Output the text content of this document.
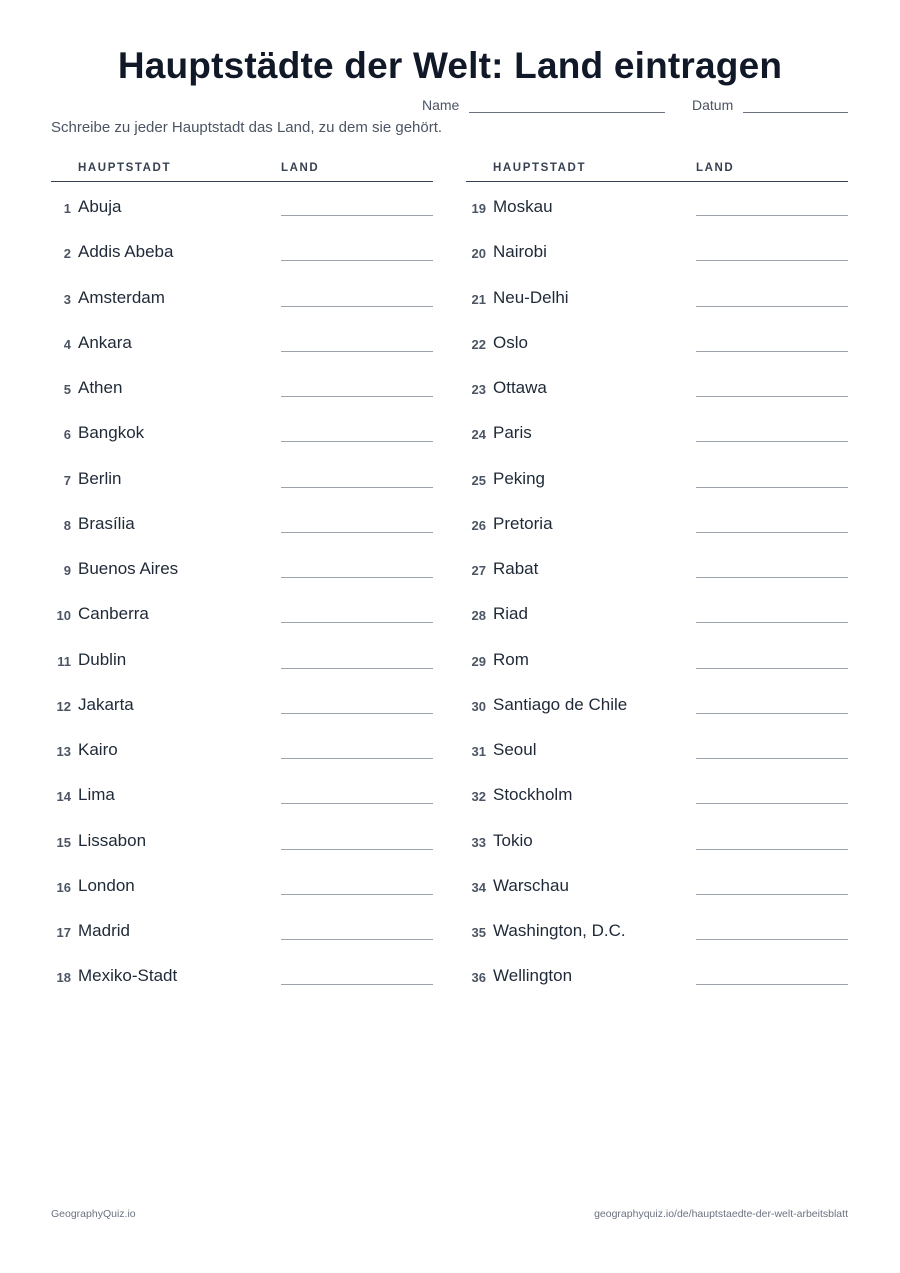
Hauptstädte der Welt: Land eintragen
Name	Datum
Schreibe zu jeder Hauptstadt das Land, zu dem sie gehört.
HAUPTSTADT	LAND
1 Abuja
2 Addis Abeba
3 Amsterdam
4 Ankara
5 Athen
6 Bangkok
7 Berlin
8 Brasília
9 Buenos Aires
10 Canberra
11 Dublin
12 Jakarta
13 Kairo
14 Lima
15 Lissabon
16 London
17 Madrid
18 Mexiko-Stadt
HAUPTSTADT	LAND
19 Moskau
20 Nairobi
21 Neu-Delhi
22 Oslo
23 Ottawa
24 Paris
25 Peking
26 Pretoria
27 Rabat
28 Riad
29 Rom
30 Santiago de Chile
31 Seoul
32 Stockholm
33 Tokio
34 Warschau
35 Washington, D.C.
36 Wellington
GeographyQuiz.io	geographyquiz.io/de/hauptstaedte-der-welt-arbeitsblatt
